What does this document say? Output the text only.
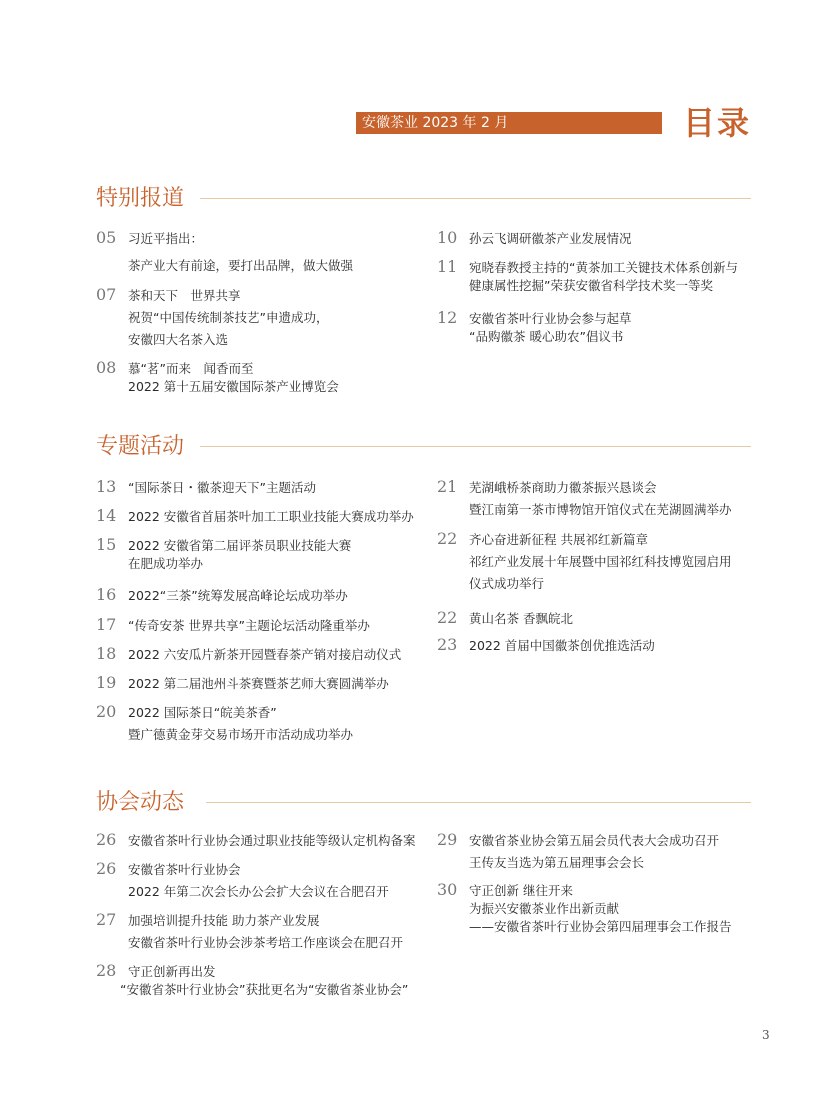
安徽茶业 2023 年 2 月	目录
特别报道
05 习近平指出：
茶产业大有前途，要打出品牌，做大做强
07 茶和天下　世界共享
祝贺“中国传统制茶技艺”申遗成功，
安徽四大名茶入选
08 慕“茗”而来　闻香而至
2022 第十五届安徽国际茶产业博览会
10 孙云飞调研徽茶产业发展情况
11 宛晓春教授主持的“黄茶加工关键技术体系创新与
健康属性挖掘”荣获安徽省科学技术奖一等奖
12 安徽省茶叶行业协会参与起草
“品购徽茶 暖心助农”倡议书
专题活动
13 “国际茶日・徽茶迎天下”主题活动
14 2022 安徽省首届茶叶加工工职业技能大赛成功举办
15 2022 安徽省第二届评茶员职业技能大赛
在肥成功举办
16 2022“三茶”统筹发展高峰论坛成功举办
17 “传奇安茶 世界共享”主题论坛活动隆重举办
18 2022 六安瓜片新茶开园暨春茶产销对接启动仪式
19 2022 第二届池州斗茶赛暨茶艺师大赛圆满举办
20 2022 国际茶日“皖美茶香”
暨广德黄金芽交易市场开市活动成功举办
21 芜湖峨桥茶商助力徽茶振兴恳谈会
暨江南第一茶市博物馆开馆仪式在芜湖圆满举办
22 齐心奋进新征程 共展祁红新篇章
祁红产业发展十年展暨中国祁红科技博览园启用
仪式成功举行
22 黄山名茶 香飘皖北
23 2022 首届中国徽茶创优推选活动
协会动态
26 安徽省茶叶行业协会通过职业技能等级认定机构备案
26 安徽省茶叶行业协会
2022 年第二次会长办公会扩大会议在合肥召开
27 加强培训提升技能 助力茶产业发展
安徽省茶叶行业协会涉茶考培工作座谈会在肥召开
28 守正创新再出发
“安徽省茶叶行业协会”获批更名为“安徽省茶业协会”
29 安徽省茶业协会第五届会员代表大会成功召开
王传友当选为第五届理事会会长
30 守正创新 继往开来
为振兴安徽茶业作出新贡献
——安徽省茶叶行业协会第四届理事会工作报告
3
